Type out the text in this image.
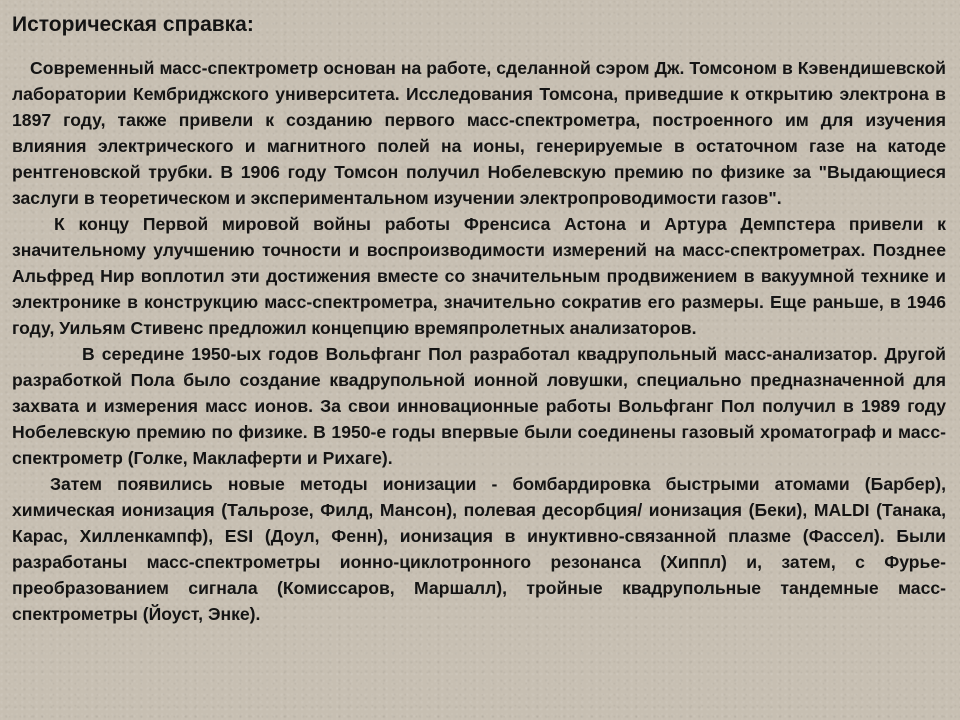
Историческая справка:

Современный масс-спектрометр основан на работе, сделанной сэром Дж. Томсоном в Кэвендишевской лаборатории Кембриджского университета. Исследования Томсона, приведшие к открытию электрона в 1897 году, также привели к созданию первого масс-спектрометра, построенного им для изучения влияния электрического и магнитного полей на ионы, генерируемые в остаточном газе на катоде рентгеновской трубки. В 1906 году Томсон получил Нобелевскую премию по физике за "Выдающиеся заслуги в теоретическом и экспериментальном изучении электропроводимости газов".

К концу Первой мировой войны работы Френсиса Астона и Артура Демпстера привели к значительному улучшению точности и воспроизводимости измерений на масс-спектрометрах. Позднее Альфред Нир воплотил эти достижения вместе со значительным продвижением в вакуумной технике и электронике в конструкцию масс-спектрометра, значительно сократив его размеры. Еще раньше, в 1946 году, Уильям Стивенс предложил концепцию времяпролетных анализаторов.

В середине 1950-ых годов Вольфганг Пол разработал квадрупольный масс-анализатор. Другой разработкой Пола было создание квадрупольной ионной ловушки, специально предназначенной для захвата и измерения масс ионов. За свои инновационные работы Вольфганг Пол получил в 1989 году Нобелевскую премию по физике. В 1950-е годы впервые были соединены газовый хроматограф и масс-спектрометр (Голке, Маклаферти и Рихаге).

Затем появились новые методы ионизации - бомбардировка быстрыми атомами (Барбер), химическая ионизация (Тальрозе, Филд, Мансон), полевая десорбция/ ионизация (Беки), MALDI (Танака, Карас, Хилленкампф), ESI (Доул, Фенн), ионизация в инуктивно-связанной плазме (Фассел). Были разработаны масс-спектрометры ионно-циклотронного резонанса (Хиппл) и, затем, с Фурье-преобразованием сигнала (Комиссаров, Маршалл), тройные квадрупольные тандемные масс-спектрометры (Йоуст, Энке).
